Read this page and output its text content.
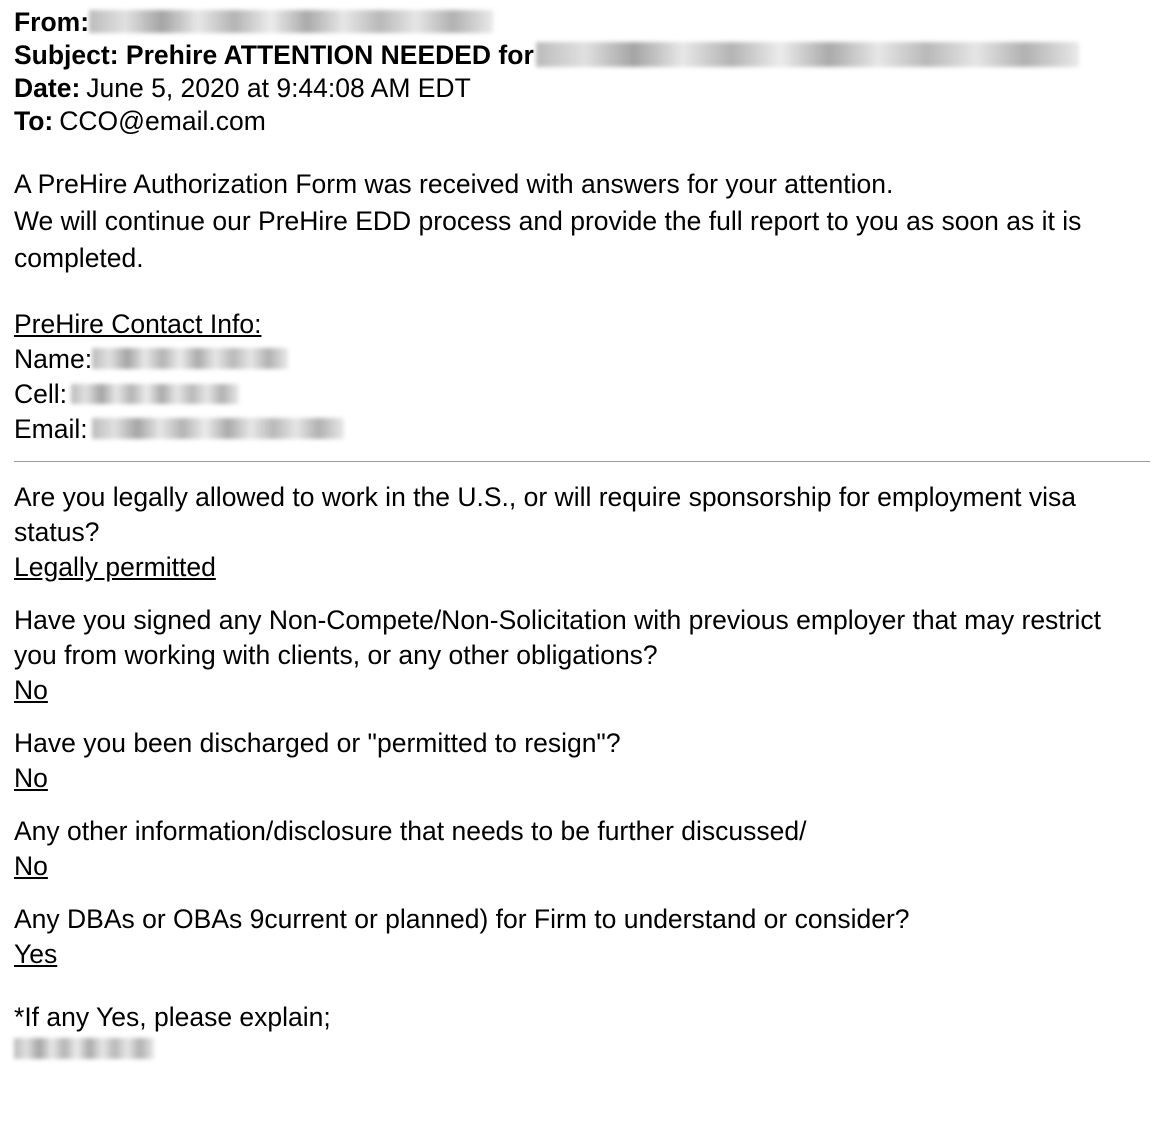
From:
Subject: Prehire ATTENTION NEEDED for
Date: June 5, 2020 at 9:44:08 AM EDT
To: CCO@email.com

A PreHire Authorization Form was received with answers for your attention.

We will continue our PreHire EDD process and provide the full report to you as soon as it is completed.

PreHire Contact Info:
Name:
Cell:
Email:
Are you legally allowed to work in the U.S., or will require sponsorship for employment visa status?
Legally permitted
Have you signed any Non-Compete/Non-Solicitation with previous employer that may restrict you from working with clients, or any other obligations?
No
Have you been discharged or "permitted to resign"?
No
Any other information/disclosure that needs to be further discussed/
No
Any DBAs or OBAs 9current or planned) for Firm to understand or consider?
Yes
*If any Yes, please explain;
